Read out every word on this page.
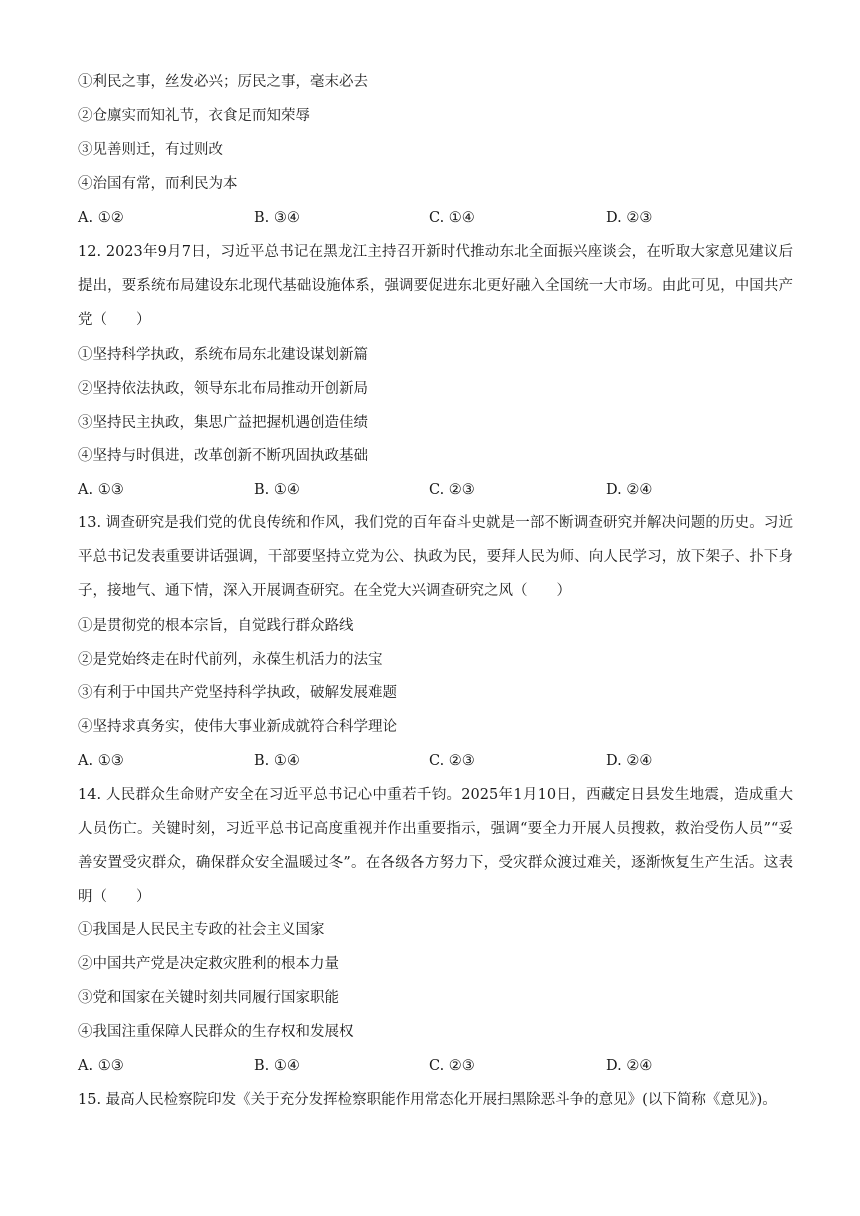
①利民之事，丝发必兴；厉民之事，毫末必去
②仓廪实而知礼节，衣食足而知荣辱
③见善则迁，有过则改
④治国有常，而利民为本
A. ①②	B. ③④	C. ①④	D. ②③
12. 2023年9月7日，习近平总书记在黑龙江主持召开新时代推动东北全面振兴座谈会，在听取大家意见建议后提出，要系统布局建设东北现代基础设施体系，强调要促进东北更好融入全国统一大市场。由此可见，中国共产党（　　）
①坚持科学执政，系统布局东北建设谋划新篇
②坚持依法执政，领导东北布局推动开创新局
③坚持民主执政，集思广益把握机遇创造佳绩
④坚持与时俱进，改革创新不断巩固执政基础
A. ①③	B. ①④	C. ②③	D. ②④
13. 调查研究是我们党的优良传统和作风，我们党的百年奋斗史就是一部不断调查研究并解决问题的历史。习近平总书记发表重要讲话强调，干部要坚持立党为公、执政为民，要拜人民为师、向人民学习，放下架子、扑下身子，接地气、通下情，深入开展调查研究。在全党大兴调查研究之风（　　）
①是贯彻党的根本宗旨，自觉践行群众路线
②是党始终走在时代前列，永葆生机活力的法宝
③有利于中国共产党坚持科学执政，破解发展难题
④坚持求真务实，使伟大事业新成就符合科学理论
A. ①③	B. ①④	C. ②③	D. ②④
14. 人民群众生命财产安全在习近平总书记心中重若千钧。2025年1月10日，西藏定日县发生地震，造成重大人员伤亡。关键时刻，习近平总书记高度重视并作出重要指示，强调“要全力开展人员搜救，救治受伤人员”“妥善安置受灾群众，确保群众安全温暖过冬”。在各级各方努力下，受灾群众渡过难关，逐渐恢复生产生活。这表明（　　）
①我国是人民民主专政的社会主义国家
②中国共产党是决定救灾胜利的根本力量
③党和国家在关键时刻共同履行国家职能
④我国注重保障人民群众的生存权和发展权
A. ①③	B. ①④	C. ②③	D. ②④
15. 最高人民检察院印发《关于充分发挥检察职能作用常态化开展扫黑除恶斗争的意见》(以下简称《意见》)。
